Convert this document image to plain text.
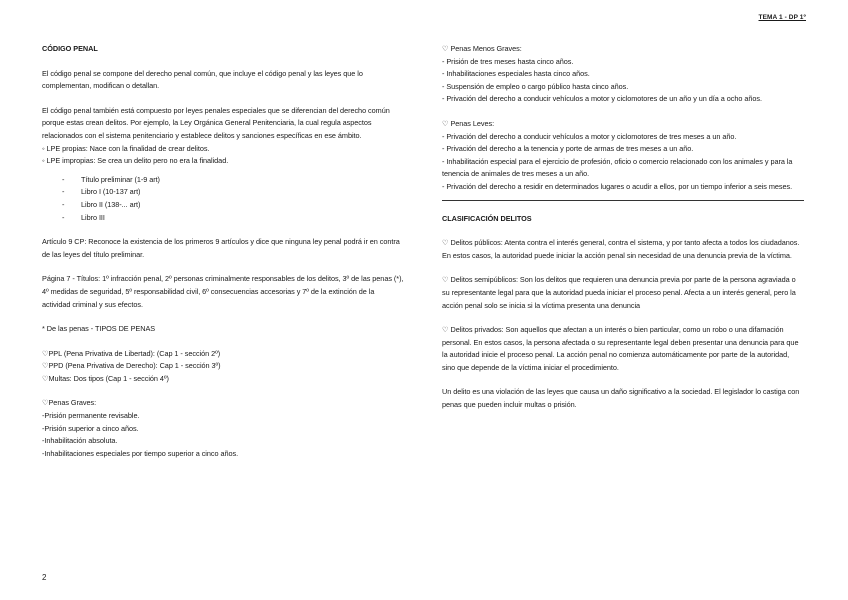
TEMA 1 - DP 1º

CÓDIGO PENAL

El código penal se compone del derecho penal común, que incluye el código penal y las leyes que lo complementan, modifican o detallan.

El código penal también está compuesto por leyes penales especiales que se diferencian del derecho común porque estas crean delitos. Por ejemplo, la Ley Orgánica General Penitenciaria, la cual regula aspectos relacionados con el sistema penitenciario y establece delitos y sanciones específicas en ese ámbito.

◦ LPE propias: Nace con la finalidad de crear delitos.

◦ LPE impropias: Se crea un delito pero no era la finalidad.

- Título preliminar (1-9 art)
- Libro I (10-137 art)
- Libro II (138-... art)
- Libro III

Artículo 9 CP: Reconoce la existencia de los primeros 9 artículos y dice que ninguna ley penal podrá ir en contra de las leyes del título preliminar.

Página 7 - Títulos: 1º infracción penal, 2º personas criminalmente responsables de los delitos, 3º de las penas (*), 4º medidas de seguridad, 5º responsabilidad civil, 6º consecuencias accesorias y 7º de la extinción de la actividad criminal y sus efectos.

* De las penas - TIPOS DE PENAS

♡PPL (Pena Privativa de Libertad): (Cap 1 - sección 2º)

♡PPD (Pena Privativa de Derecho): Cap 1 - sección 3º)

♡Multas: Dos tipos (Cap 1 - sección 4º)

♡Penas Graves:

-Prisión permanente revisable.

-Prisión superior a cinco años.

-Inhabilitación absoluta.

-Inhabilitaciones especiales por tiempo superior a cinco años.

♡ Penas Menos Graves:

- Prisión de tres meses hasta cinco años.

- Inhabilitaciones especiales hasta cinco años.

- Suspensión de empleo o cargo público hasta cinco años.

- Privación del derecho a conducir vehículos a motor y ciclomotores de un año y un día a ocho años.

♡ Penas Leves:

- Privación del derecho a conducir vehículos a motor y ciclomotores de tres meses a un año.

- Privación del derecho a la tenencia y porte de armas de tres meses a un año.

- Inhabilitación especial para el ejercicio de profesión, oficio o comercio relacionado con los animales y para la tenencia de animales de tres meses a un año.

- Privación del derecho a residir en determinados lugares o acudir a ellos, por un tiempo inferior a seis meses.

CLASIFICACIÓN DELITOS

♡ Delitos públicos: Atenta contra el interés general, contra el sistema, y por tanto afecta a todos los ciudadanos. En estos casos, la autoridad puede iniciar la acción penal sin necesidad de una denuncia previa de la víctima.

♡ Delitos semipúblicos: Son los delitos que requieren una denuncia previa por parte de la persona agraviada o su representante legal para que la autoridad pueda iniciar el proceso penal. Afecta a un interés general, pero la acción penal solo se inicia si la víctima presenta una denuncia

♡ Delitos privados: Son aquellos que afectan a un interés o bien particular, como un robo o una difamación personal. En estos casos, la persona afectada o su representante legal deben presentar una denuncia para que la autoridad inicie el proceso penal. La acción penal no comienza automáticamente por parte de la autoridad, sino que depende de la víctima iniciar el procedimiento.

Un delito es una violación de las leyes que causa un daño significativo a la sociedad. El legislador lo castiga con penas que pueden incluir multas o prisión.

2
